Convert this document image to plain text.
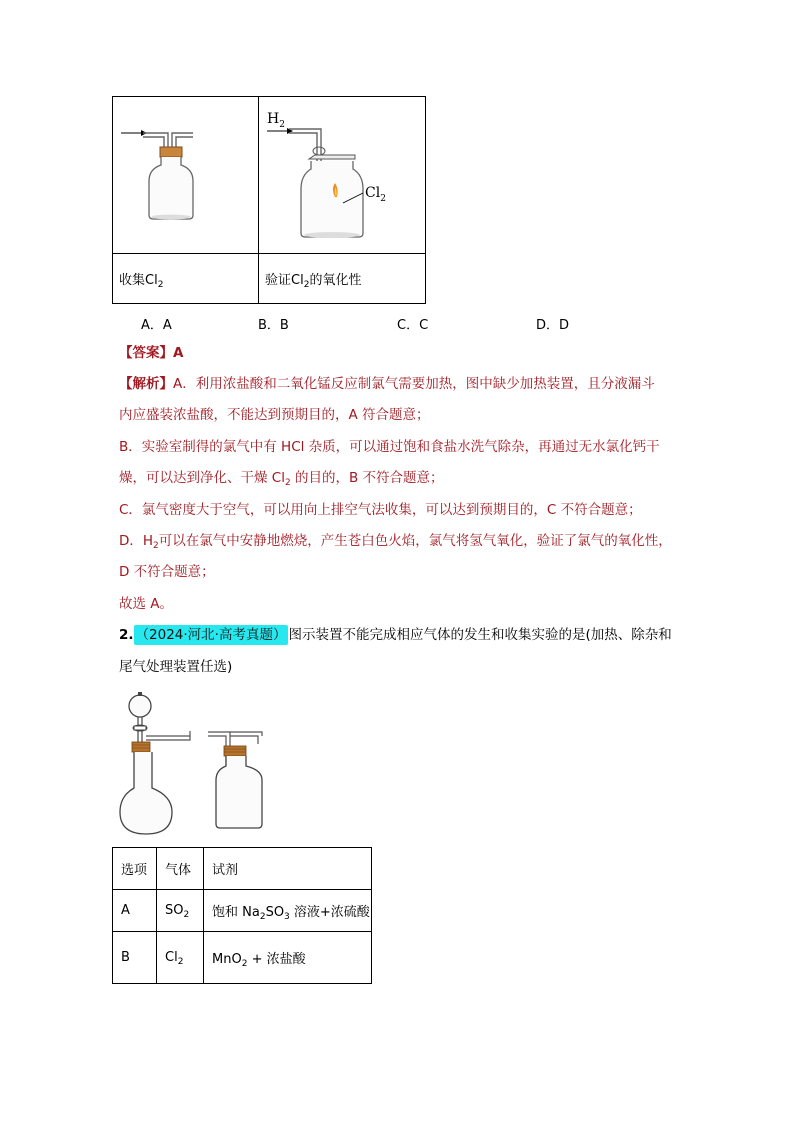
$H_2$
$Cl_2$

收集$Cl_2$	验证$Cl_2$的氧化性
A．A	B．B	C．C	D．D
【答案】A
【解析】A．利用浓盐酸和二氧化锰反应制氯气需要加热，图中缺少加热装置，且分液漏斗
内应盛装浓盐酸，不能达到预期目的，A 符合题意；
B．实验室制得的氯气中有 HCl 杂质，可以通过饱和食盐水洗气除杂，再通过无水氯化钙干
燥，可以达到净化、干燥 $Cl_2$ 的目的，B 不符合题意；
C．氯气密度大于空气，可以用向上排空气法收集，可以达到预期目的，C 不符合题意；
D．$H_2$可以在氯气中安静地燃烧，产生苍白色火焰，氯气将氢气氧化，验证了氯气的氧化性，
D 不符合题意；
故选 A。
2. （2024·河北·高考真题） 图示装置不能完成相应气体的发生和收集实验的是(加热、除杂和
尾气处理装置任选)
选项	气体	试剂
A	$SO_2$	饱和 $Na_2SO_3$ 溶液+浓硫酸
B	$Cl_2$	MnO$_2$ + 浓盐酸
